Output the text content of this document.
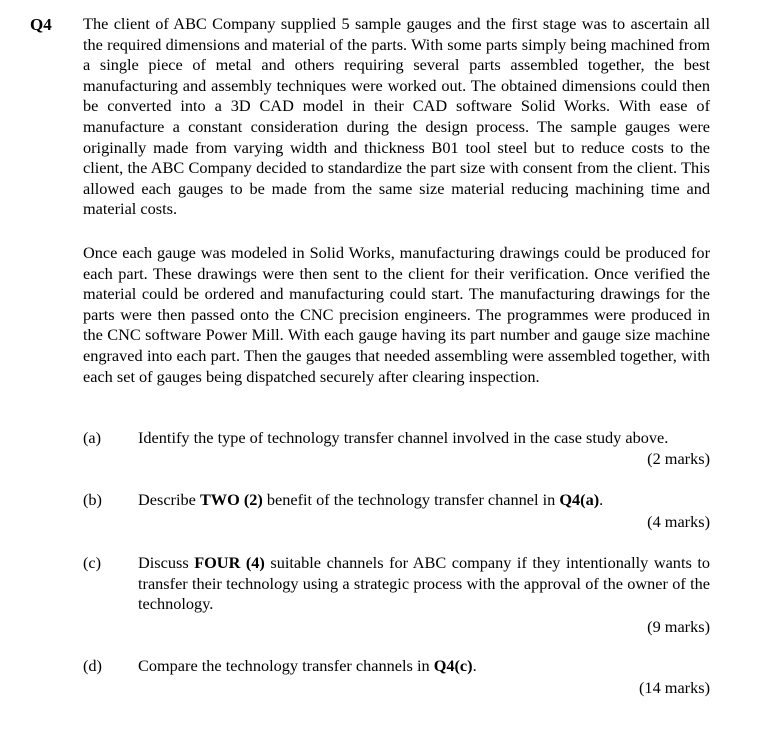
Q4 The client of ABC Company supplied 5 sample gauges and the first stage was to ascertain all the required dimensions and material of the parts. With some parts simply being machined from a single piece of metal and others requiring several parts assembled together, the best manufacturing and assembly techniques were worked out. The obtained dimensions could then be converted into a 3D CAD model in their CAD software Solid Works. With ease of manufacture a constant consideration during the design process. The sample gauges were originally made from varying width and thickness B01 tool steel but to reduce costs to the client, the ABC Company decided to standardize the part size with consent from the client. This allowed each gauges to be made from the same size material reducing machining time and material costs.

Once each gauge was modeled in Solid Works, manufacturing drawings could be produced for each part. These drawings were then sent to the client for their verification. Once verified the material could be ordered and manufacturing could start. The manufacturing drawings for the parts were then passed onto the CNC precision engineers. The programmes were produced in the CNC software Power Mill. With each gauge having its part number and gauge size machine engraved into each part. Then the gauges that needed assembling were assembled together, with each set of gauges being dispatched securely after clearing inspection.

(a) Identify the type of technology transfer channel involved in the case study above.
(2 marks)
(b) Describe TWO (2) benefit of the technology transfer channel in Q4(a).
(4 marks)
(c) Discuss FOUR (4) suitable channels for ABC company if they intentionally wants to transfer their technology using a strategic process with the approval of the owner of the technology.
(9 marks)
(d) Compare the technology transfer channels in Q4(c).
(14 marks)
